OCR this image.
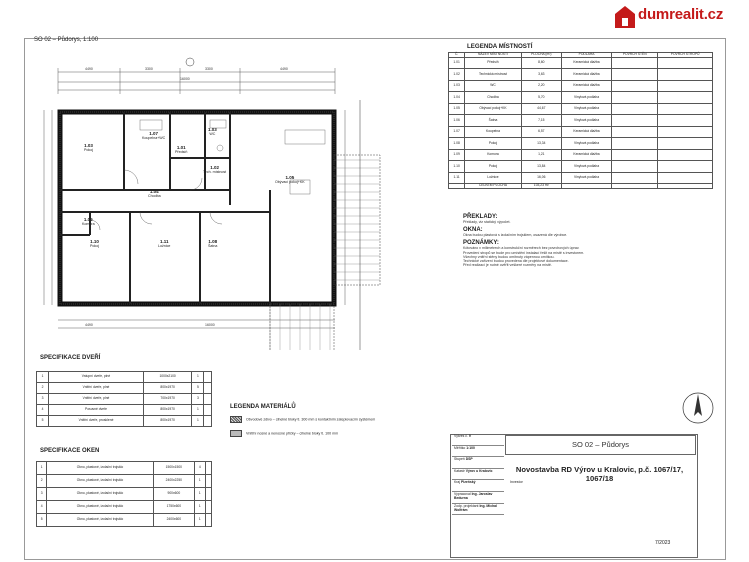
dumrealit.cz
SO 02 – Půdorys, 1:100
4490	3300	3300	4490
16000
4490	16000
1.03
Pokoj
1.07
Koupelna+WC
1.01
Předsíň
1.03
WC
1.02
Tech. místnost
1.05
Obývací pokoj+KK
1.04
Chodba
1.09
Komora
1.10
Pokoj
1.11
Ložnice
1.08
Šatna
LEGENDA MÍSTNOSTÍ
Č.	NÁZEV MÍSTNOSTI	PLOCHA (m²)	PODLAHA	POVRCH STĚN	POVRCH STROPŮ
1.01	Předsíň	8,60	Keramická dlažba		
1.02	Technická místnost	3,63	Keramická dlažba		
1.03	WC	2,20	Keramická dlažba		
1.04	Chodba	5,70	Vinylová podlaha		
1.05	Obývací pokoj+KK	44,67	Vinylová podlaha		
1.06	Šatna	7,15	Vinylová podlaha		
1.07	Koupelna	6,57	Keramická dlažba		
1.08	Pokoj	13,34	Vinylová podlaha		
1.09	Komora	1,21	Keramická dlažba		
1.10	Pokoj	13,84	Vinylová podlaha		
1.11	Ložnice	16,06	Vinylová podlaha		
	CELKEM PLOCHA	103,23 m²			
PŘEKLADY:
Překlady, viz statický výpočet.
OKNA:
Okna budou plastová s izolačním trojsklem, osazená dle výrobce.
POZNÁMKY:
Kótováno v milimetrech a konstrukční rozměrech bez povrchových úprav.
Provedení stropů se bude pro umístění instalací řešit na místě s investorem.
Všechny vnitřní stěny budou omítnuty vápennou omítkou.
Technické zařízení budou provedena dle projektové dokumentace.
Před realizací je nutné ověřit veškeré rozměry na místě.
SPECIFIKACE DVEŘÍ
1	Vstupní dveře, plné	1000x2100	1	
2	Vnitřní dveře, plné	800x1970	5	
3	Vnitřní dveře, plné	700x1970	3	
4	Posuvné dveře	800x1970	1	
5	Vnitřní dveře, prosklené	800x1970	1	
SPECIFIKACE OKEN
1	Okno, plastové, izolační trojsklo	1500x1500	4	
2	Okno, plastové, izolační trojsklo	2400x2250	1	
3	Okno, plastové, izolační trojsklo	900x600	1	
4	Okno, plastové, izolační trojsklo	1750x600	1	
5	Okno, plastové, izolační trojsklo	2400x600	1	
LEGENDA MATERIÁLŮ
Obvodové zdivo – cihelné bloky tl. 300 mm s kontaktním zateplovacím systémem
Vnitřní nosné a nenosné příčky – cihelné bloky tl. 100 mm
SO 02 – Půdorys
Novostavba RD Výrov u Kralovic, p.č. 1067/17, 1067/18
Výkres č. 9
Měřítko 1:100
Stupeň DSP
Katastr Výrov u Kralovic
Kraj Plzeňský
Vypracoval Ing. Jaroslav Bedurna
Zodp. projektant Ing. Michal Wolfrám
Investor
7/2023
